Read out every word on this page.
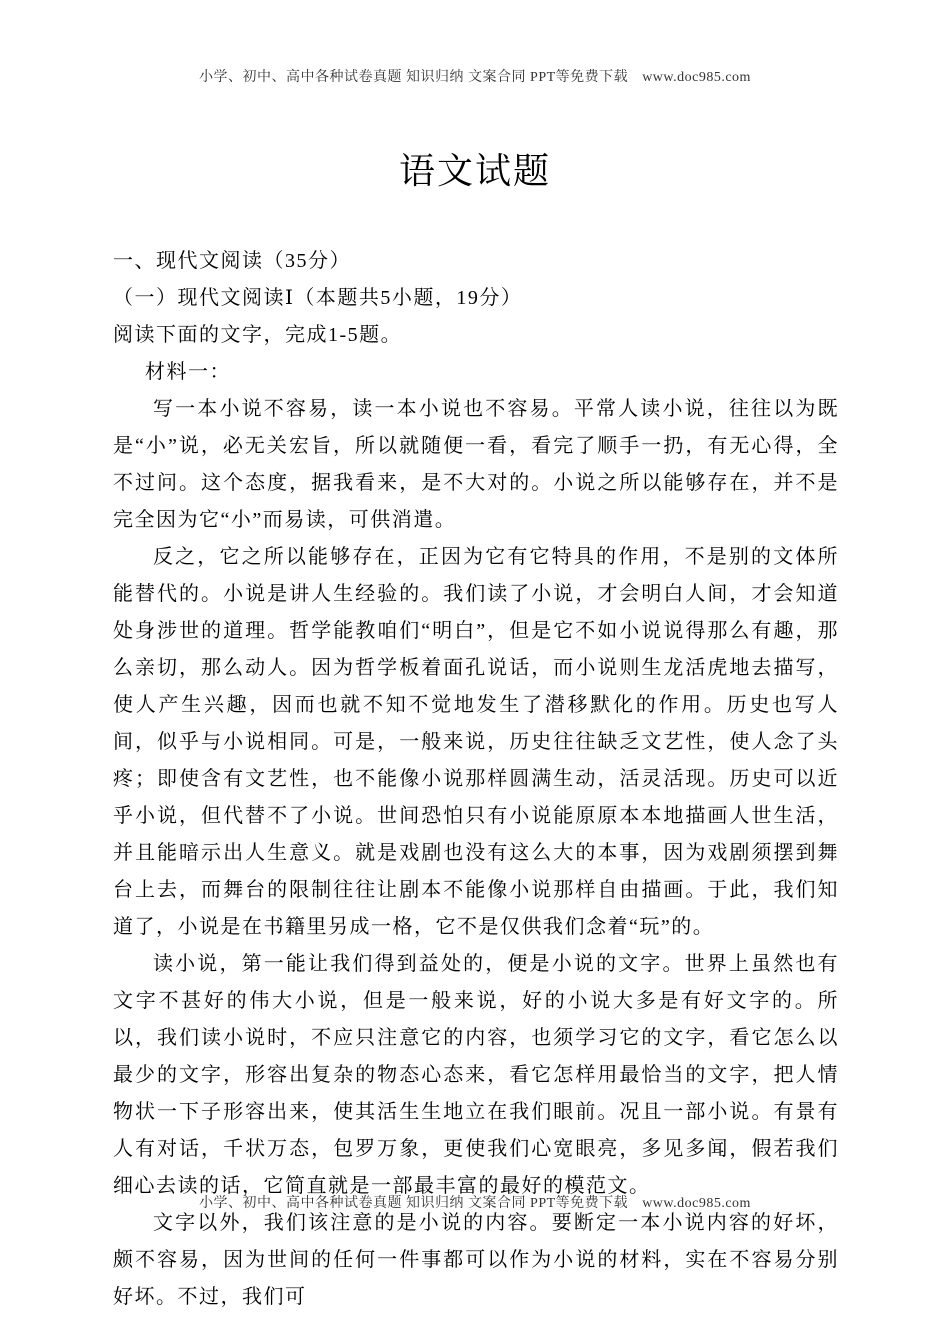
小学、初中、高中各种试卷真题 知识归纳 文案合同 PPT等免费下载 www.doc985.com
语文试题

一、现代文阅读（35分）

（一）现代文阅读Ⅰ（本题共5小题，19分）

阅读下面的文字，完成1-5题。

材料一：

写一本小说不容易，读一本小说也不容易。平常人读小说，往往以为既是“小”说，必无关宏旨，所以就随便一看，看完了顺手一扔，有无心得，全不过问。这个态度，据我看来，是不大对的。小说之所以能够存在，并不是完全因为它“小”而易读，可供消遣。

反之，它之所以能够存在，正因为它有它特具的作用，不是别的文体所能替代的。小说是讲人生经验的。我们读了小说，才会明白人间，才会知道处身涉世的道理。哲学能教咱们“明白”，但是它不如小说说得那么有趣，那么亲切，那么动人。因为哲学板着面孔说话，而小说则生龙活虎地去描写，使人产生兴趣，因而也就不知不觉地发生了潜移默化的作用。历史也写人间，似乎与小说相同。可是，一般来说，历史往往缺乏文艺性，使人念了头疼；即使含有文艺性，也不能像小说那样圆满生动，活灵活现。历史可以近乎小说，但代替不了小说。世间恐怕只有小说能原原本本地描画人世生活，并且能暗示出人生意义。就是戏剧也没有这么大的本事，因为戏剧须摆到舞台上去，而舞台的限制往往让剧本不能像小说那样自由描画。于此，我们知道了，小说是在书籍里另成一格，它不是仅供我们念着“玩”的。

读小说，第一能让我们得到益处的，便是小说的文字。世界上虽然也有文字不甚好的伟大小说，但是一般来说，好的小说大多是有好文字的。所以，我们读小说时，不应只注意它的内容，也须学习它的文字，看它怎么以最少的文字，形容出复杂的物态心态来，看它怎样用最恰当的文字，把人情物状一下子形容出来，使其活生生地立在我们眼前。况且一部小说。有景有人有对话，千状万态，包罗万象，更使我们心宽眼亮，多见多闻，假若我们细心去读的话，它简直就是一部最丰富的最好的模范文。

文字以外，我们该注意的是小说的内容。要断定一本小说内容的好坏，颇不容易，因为世间的任何一件事都可以作为小说的材料，实在不容易分别好坏。不过，我们可

小学、初中、高中各种试卷真题 知识归纳 文案合同 PPT等免费下载 www.doc985.com
